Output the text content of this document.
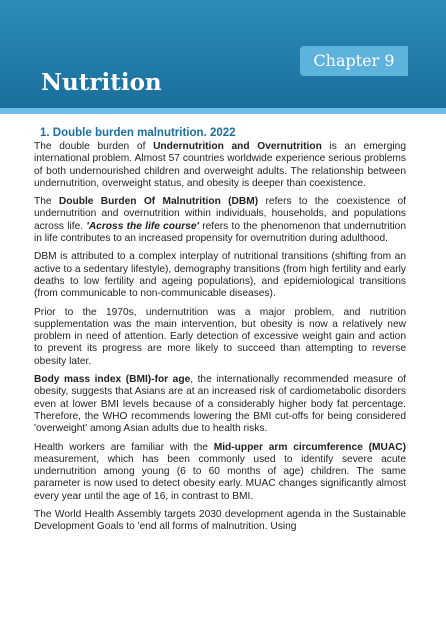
Chapter 9
Nutrition
1. Double burden malnutrition. 2022

The double burden of Undernutrition and Overnutrition is an emerging international problem. Almost 57 countries worldwide experience serious problems of both undernourished children and overweight adults. The relationship between undernutrition, overweight status, and obesity is deeper than coexistence.

The Double Burden Of Malnutrition (DBM) refers to the coexistence of undernutrition and overnutrition within individuals, households, and populations across life. 'Across the life course' refers to the phenomenon that undernutrition in life contributes to an increased propensity for overnutrition during adulthood.

DBM is attributed to a complex interplay of nutritional transitions (shifting from an active to a sedentary lifestyle), demography transitions (from high fertility and early deaths to low fertility and ageing populations), and epidemiological transitions (from communicable to non-communicable diseases).

Prior to the 1970s, undernutrition was a major problem, and nutrition supplementation was the main intervention, but obesity is now a relatively new problem in need of attention. Early detection of excessive weight gain and action to prevent its progress are more likely to succeed than attempting to reverse obesity later.

Body mass index (BMI)-for age, the internationally recommended measure of obesity, suggests that Asians are at an increased risk of cardiometabolic disorders even at lower BMI levels because of a considerably higher body fat percentage. Therefore, the WHO recommends lowering the BMI cut-offs for being considered 'overweight' among Asian adults due to health risks.

Health workers are familiar with the Mid-upper arm circumference (MUAC) measurement, which has been commonly used to identify severe acute undernutrition among young (6 to 60 months of age) children. The same parameter is now used to detect obesity early. MUAC changes significantly almost every year until the age of 16, in contrast to BMI.

The World Health Assembly targets 2030 development agenda in the Sustainable Development Goals to 'end all forms of malnutrition. Using
